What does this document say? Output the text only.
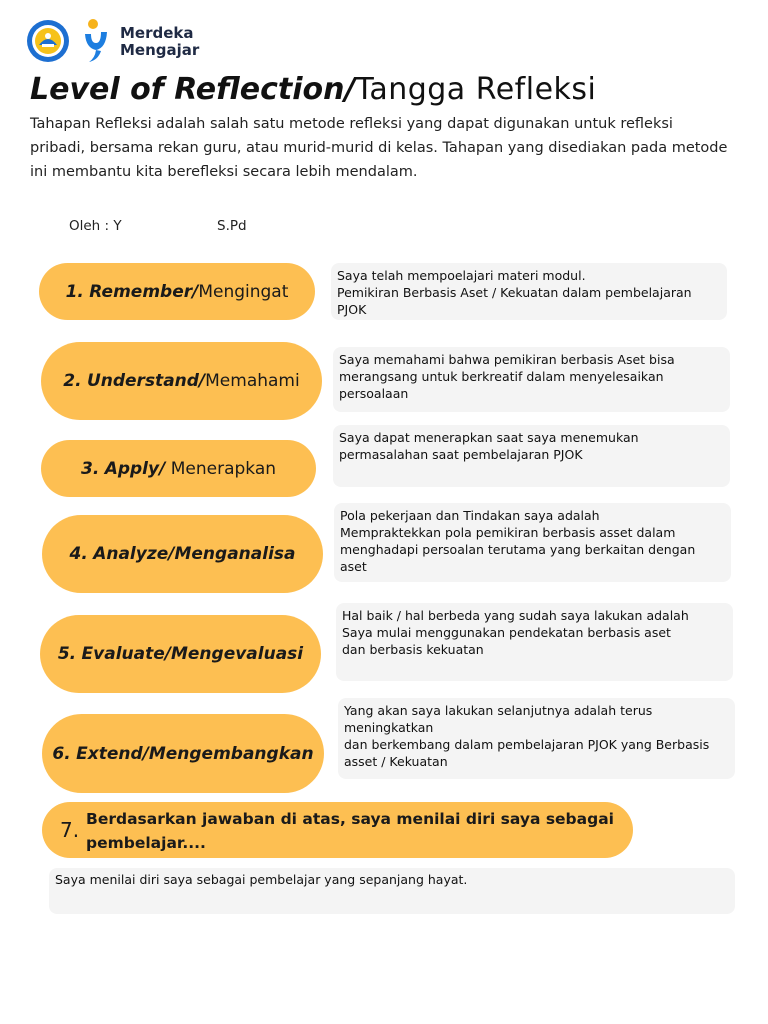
Merdeka
Mengajar
Level of Reflection/Tangga Refleksi
Tahapan Refleksi adalah salah satu metode refleksi yang dapat digunakan untuk refleksi pribadi, bersama rekan guru, atau murid-murid di kelas. Tahapan yang disediakan pada metode ini membantu kita berefleksi secara lebih mendalam.
Oleh : Y	S.Pd
1. Remember/Mengingat
Saya telah mempoelajari materi modul.
Pemikiran Berbasis Aset / Kekuatan dalam pembelajaran PJOK
2. Understand/Memahami
Saya memahami bahwa pemikiran berbasis Aset bisa
merangsang untuk berkreatif dalam menyelesaikan persoalaan
3. Apply/ Menerapkan
Saya dapat menerapkan saat saya menemukan
permasalahan saat pembelajaran PJOK
4. Analyze/Menganalisa
Pola pekerjaan dan Tindakan saya adalah
Mempraktekkan pola pemikiran berbasis asset dalam
menghadapi persoalan terutama yang berkaitan dengan aset
5. Evaluate/Mengevaluasi
Hal baik / hal berbeda yang sudah saya lakukan adalah
Saya mulai menggunakan pendekatan berbasis aset
dan berbasis kekuatan
6. Extend/Mengembangkan
Yang akan saya lakukan selanjutnya adalah terus meningkatkan
dan berkembang dalam pembelajaran PJOK yang Berbasis
asset / Kekuatan
7. Berdasarkan jawaban di atas, saya menilai diri saya sebagai pembelajar....
Saya menilai diri saya sebagai pembelajar yang sepanjang hayat.
